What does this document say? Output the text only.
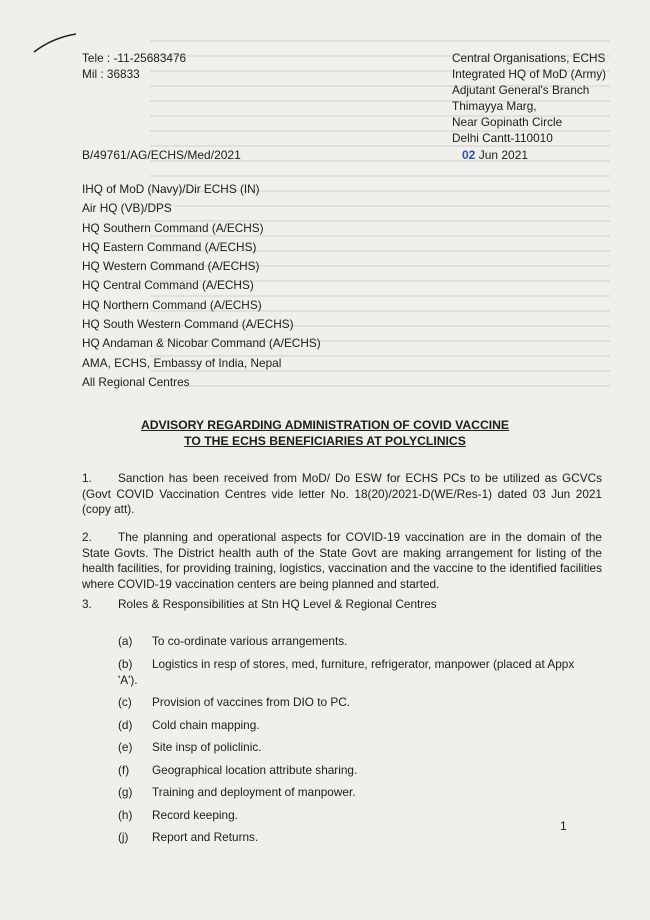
Tele : -11-25683476
Mil : 36833
Central Organisations, ECHS
Integrated HQ of MoD (Army)
Adjutant General's Branch
Thimayya Marg,
Near Gopinath Circle
Delhi Cantt-110010
B/49761/AG/ECHS/Med/2021	02 Jun 2021
IHQ of MoD (Navy)/Dir ECHS (IN)
Air HQ (VB)/DPS
HQ Southern Command (A/ECHS)
HQ Eastern Command (A/ECHS)
HQ Western Command (A/ECHS)
HQ Central Command (A/ECHS)
HQ Northern Command (A/ECHS)
HQ South Western Command (A/ECHS)
HQ Andaman & Nicobar Command (A/ECHS)
AMA, ECHS, Embassy of India, Nepal
All Regional Centres
ADVISORY REGARDING ADMINISTRATION OF COVID VACCINE
TO THE ECHS BENEFICIARIES AT POLYCLINICS
1. Sanction has been received from MoD/ Do ESW for ECHS PCs to be utilized as GCVCs (Govt COVID Vaccination Centres vide letter No. 18(20)/2021-D(WE/Res-1) dated 03 Jun 2021 (copy att).
2. The planning and operational aspects for COVID-19 vaccination are in the domain of the State Govts. The District health auth of the State Govt are making arrangement for listing of the health facilities, for providing training, logistics, vaccination and the vaccine to the identified facilities where COVID-19 vaccination centers are being planned and started.
3. Roles & Responsibilities at Stn HQ Level & Regional Centres
(a) To co-ordinate various arrangements.
(b) Logistics in resp of stores, med, furniture, refrigerator, manpower (placed at Appx 'A').
(c) Provision of vaccines from DIO to PC.
(d) Cold chain mapping.
(e) Site insp of policlinic.
(f) Geographical location attribute sharing.
(g) Training and deployment of manpower.
(h) Record keeping.
(j) Report and Returns.
1
